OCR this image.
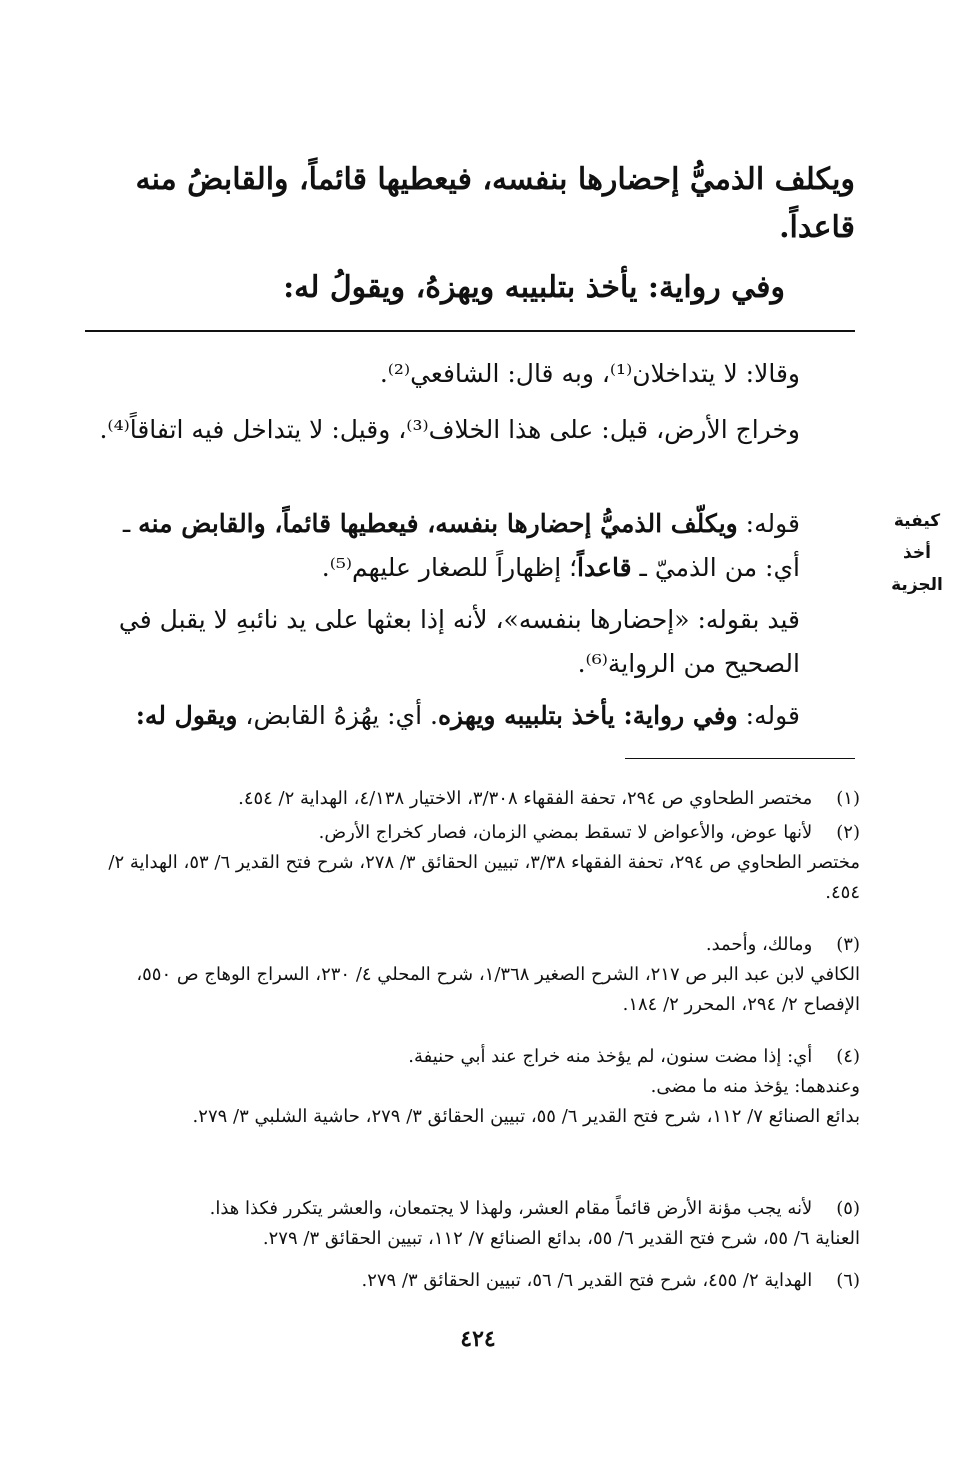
ويكلف الذميُّ إحضارها بنفسه، فيعطيها قائماً، والقابضُ منه قاعداً.
وفي رواية: يأخذ بتلبيبه ويهزهُ، ويقولُ له:
وقالا: لا يتداخلان⁽¹⁾، وبه قال: الشافعي⁽²⁾.
وخراج الأرض، قيل: على هذا الخلاف⁽³⁾، وقيل: لا يتداخل فيه اتفاقاً⁽⁴⁾.
قوله: ويكلّف الذميُّ إحضارها بنفسه، فيعطيها قائماً، والقابض منه ـ أي: من الذميّ ـ قاعداً؛ إظهاراً للصغار عليهم⁽⁵⁾.
قيد بقوله: «إحضارها بنفسه»، لأنه إذا بعثها على يد نائبهِ لا يقبل في الصحيح من الرواية⁽⁶⁾.
قوله: وفي رواية: يأخذ بتلبيبه ويهزه. أي: يهُزهُ القابض، ويقول له:
كيفية
أخذ
الجزية
(١) مختصر الطحاوي ص ٢٩٤، تحفة الفقهاء ٣/٣٠٨، الاختيار ٤/١٣٨، الهداية ٢/ ٤٥٤.
(٢) لأنها عوض، والأعواض لا تسقط بمضي الزمان، فصار كخراج الأرض.
مختصر الطحاوي ص ٢٩٤، تحفة الفقهاء ٣/٣٨، تبيين الحقائق ٣/ ٢٧٨، شرح فتح القدير ٦/ ٥٣، الهداية ٢/ ٤٥٤.
(٣) ومالك، وأحمد.
الكافي لابن عبد البر ص ٢١٧، الشرح الصغير ١/٣٦٨، شرح المحلي ٤/ ٢٣٠، السراج الوهاج ص ٥٥٠، الإفصاح ٢/ ٢٩٤، المحرر ٢/ ١٨٤.
(٤) أي: إذا مضت سنون، لم يؤخذ منه خراج عند أبي حنيفة.
وعندهما: يؤخذ منه ما مضى.
بدائع الصنائع ٧/ ١١٢، شرح فتح القدير ٦/ ٥٥، تبيين الحقائق ٣/ ٢٧٩، حاشية الشلبي ٣/ ٢٧٩.
(٥) لأنه يجب مؤنة الأرض قائماً مقام العشر، ولهذا لا يجتمعان، والعشر يتكرر فكذا هذا.
العناية ٦/ ٥٥، شرح فتح القدير ٦/ ٥٥، بدائع الصنائع ٧/ ١١٢، تبيين الحقائق ٣/ ٢٧٩.
(٦) الهداية ٢/ ٤٥٥، شرح فتح القدير ٦/ ٥٦، تبيين الحقائق ٣/ ٢٧٩.
٤٢٤
